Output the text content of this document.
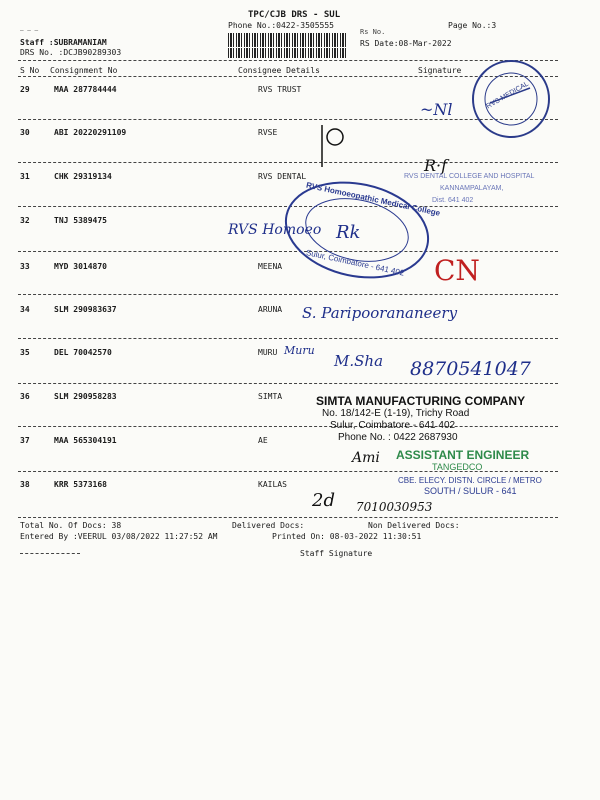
TPC/CJB DRS - SUL
Phone No.:0422-3505555	Page No.:3
— — —	Rs No.
RS Date:08-Mar-2022
Staff :SUBRAMANIAM
DRS No. :DCJB90289303
S No Consignment No	Consignee Details	Signature
29	MAA 287784444	RVS TRUST
30	ABI 20220291109	RVSE
31	CHK 29319134	RVS DENTAL
32	TNJ 5389475
33	MYD 3014870	MEENA
34	SLM 290983637	ARUNA
35	DEL 70042570	MURU
36	SLM 290958283	SIMTA
37	MAA 565304191	AE
38	KRR 5373168	KAILAS
Total No. Of Docs: 38	Delivered Docs:	Non Delivered Docs:
Entered By :VEERUL 03/08/2022 11:27:52 AM	Printed On: 08-03-2022 11:30:51
Staff Signature
RVS MEDICAL
~Nl
R·f
RVS DENTAL COLLEGE AND HOSPITAL
KANNAMPALAYAM,
Dist. 641 402
RVS Homoeopathic Medical College
Sulur, Coimbatore - 641 402
RVS Homoeo Rk
CN
S. Paripoorananeery
Muru
M.Sha 8870541047
SIMTA MANUFACTURING COMPANY
No. 18/142-E (1-19), Trichy Road
Sulur, Coimbatore - 641 402
Phone No. : 0422 2687930
ASSISTANT ENGINEER
TANGEDCO
CBE. ELECY. DISTN. CIRCLE / METRO
SOUTH / SULUR - 641
Ami
2d 7010030953
